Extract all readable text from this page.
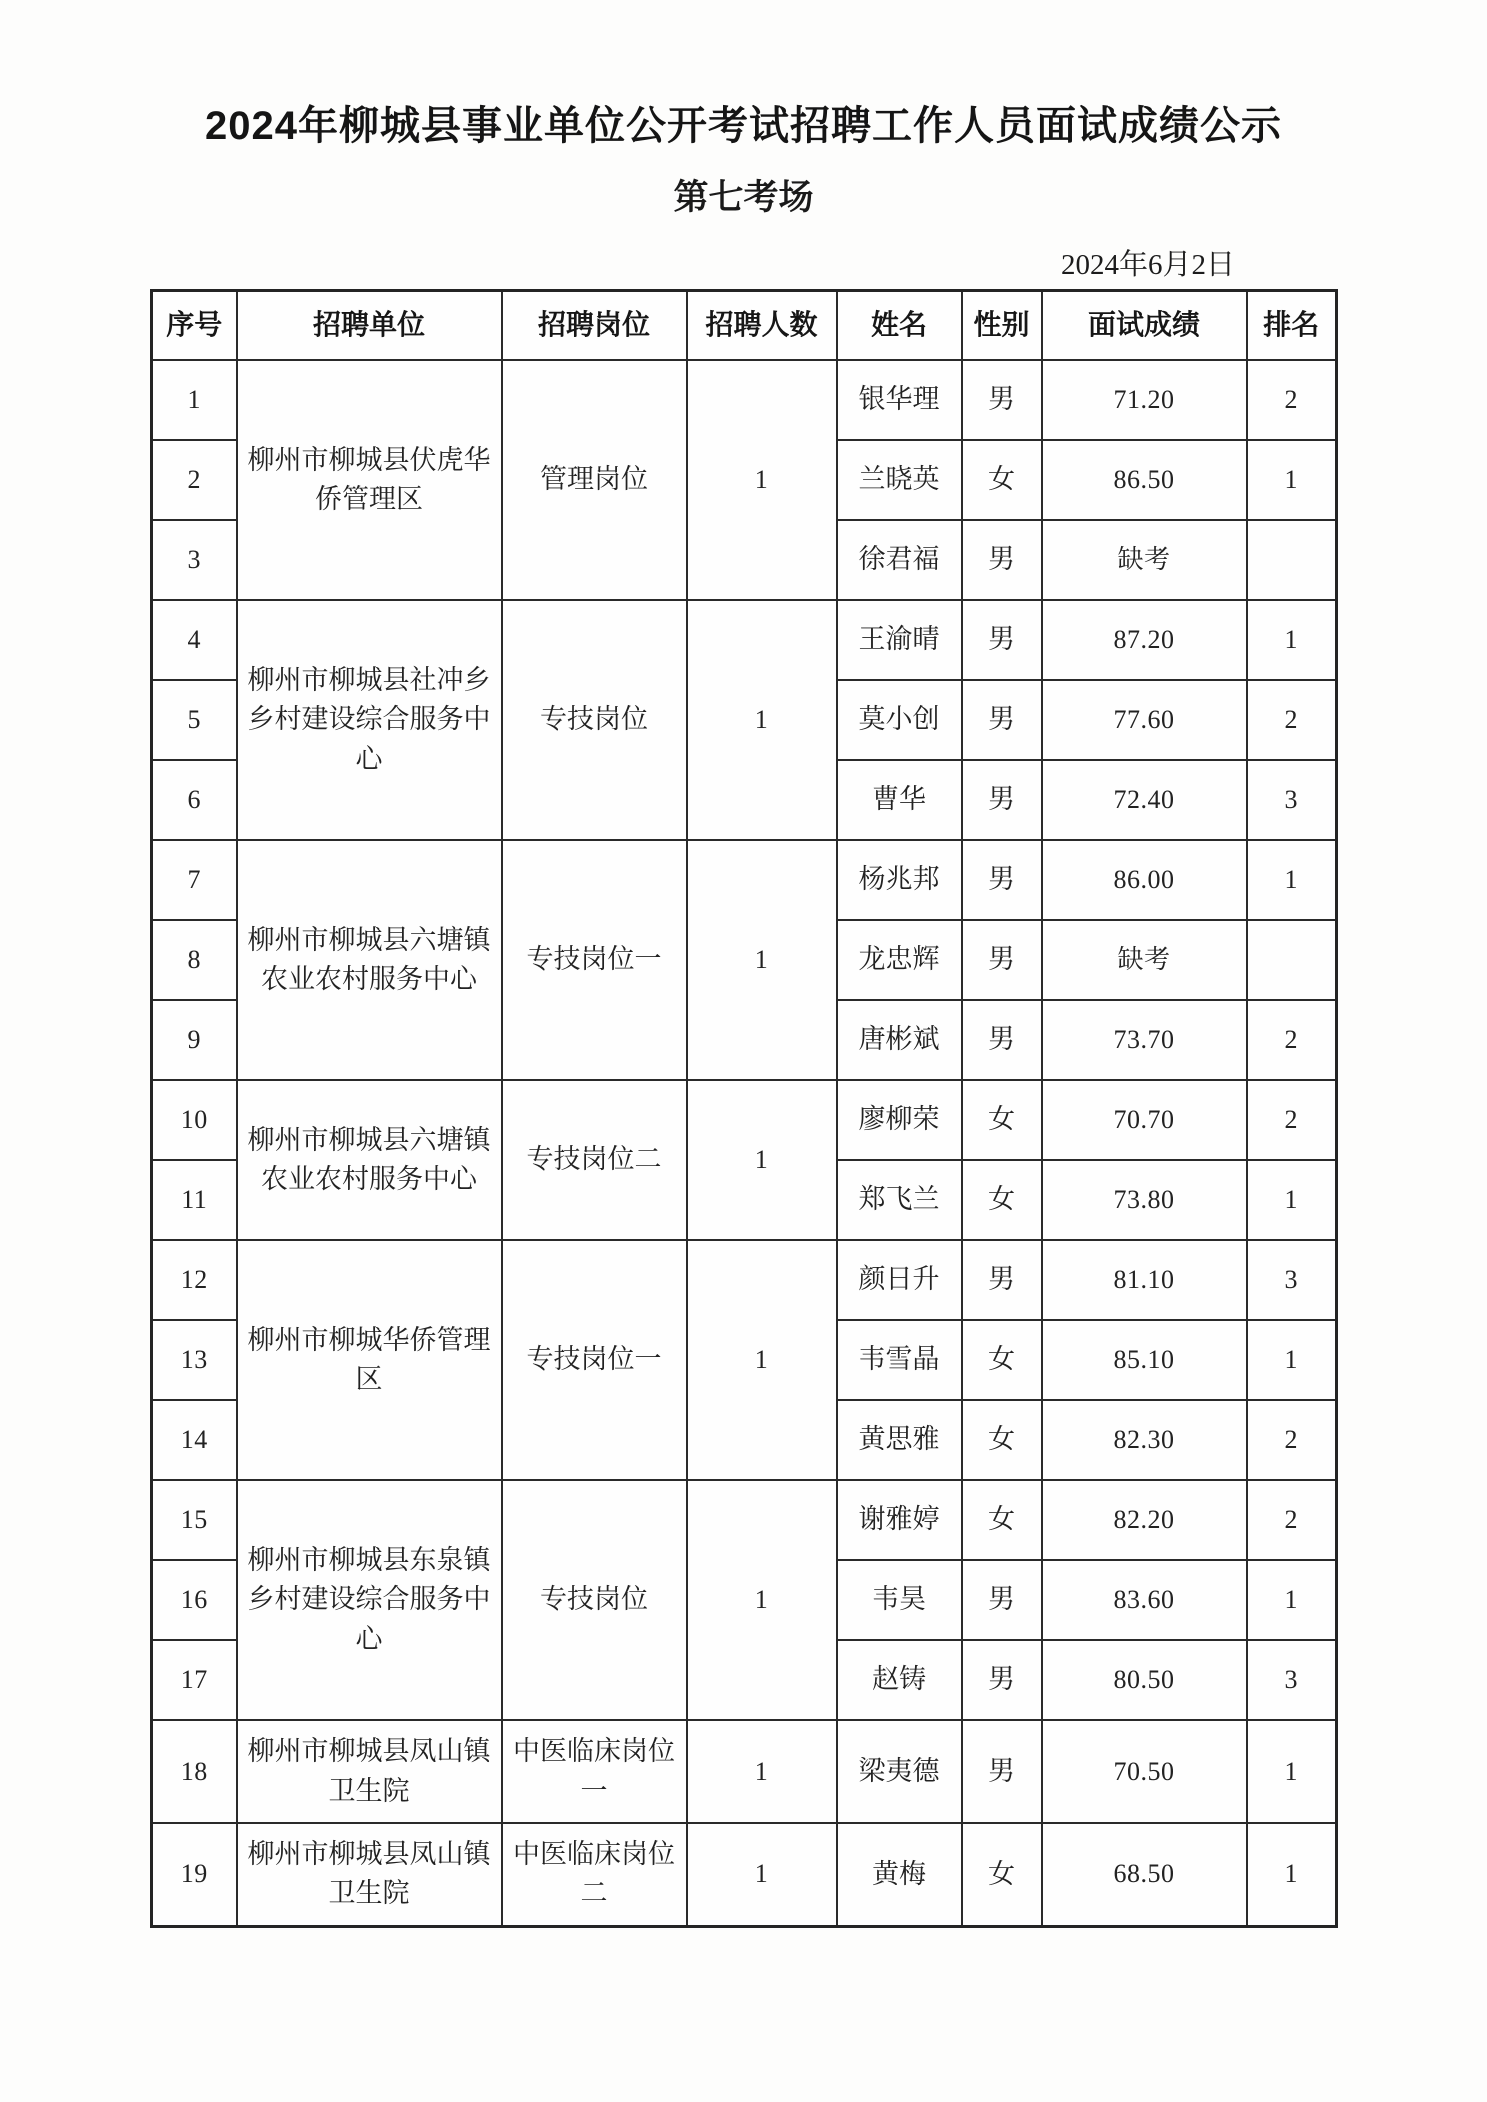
2024年柳城县事业单位公开考试招聘工作人员面试成绩公示
第七考场
2024年6月2日
序号	招聘单位	招聘岗位	招聘人数	姓名	性别	面试成绩	排名
1	柳州市柳城县伏虎华侨管理区	管理岗位	1	银华理	男	71.20	2
2				兰晓英	女	86.50	1
3				徐君福	男	缺考	
4	柳州市柳城县社冲乡乡村建设综合服务中心	专技岗位	1	王渝晴	男	87.20	1
5				莫小创	男	77.60	2
6				曹华	男	72.40	3
7	柳州市柳城县六塘镇农业农村服务中心	专技岗位一	1	杨兆邦	男	86.00	1
8				龙忠辉	男	缺考	
9				唐彬斌	男	73.70	2
10	柳州市柳城县六塘镇农业农村服务中心	专技岗位二	1	廖柳荣	女	70.70	2
11				郑飞兰	女	73.80	1
12	柳州市柳城华侨管理区	专技岗位一	1	颜日升	男	81.10	3
13				韦雪晶	女	85.10	1
14				黄思雅	女	82.30	2
15	柳州市柳城县东泉镇乡村建设综合服务中心	专技岗位	1	谢雅婷	女	82.20	2
16				韦昊	男	83.60	1
17				赵铸	男	80.50	3
18	柳州市柳城县凤山镇卫生院	中医临床岗位一	1	梁夷德	男	70.50	1
19	柳州市柳城县凤山镇卫生院	中医临床岗位二	1	黄梅	女	68.50	1
